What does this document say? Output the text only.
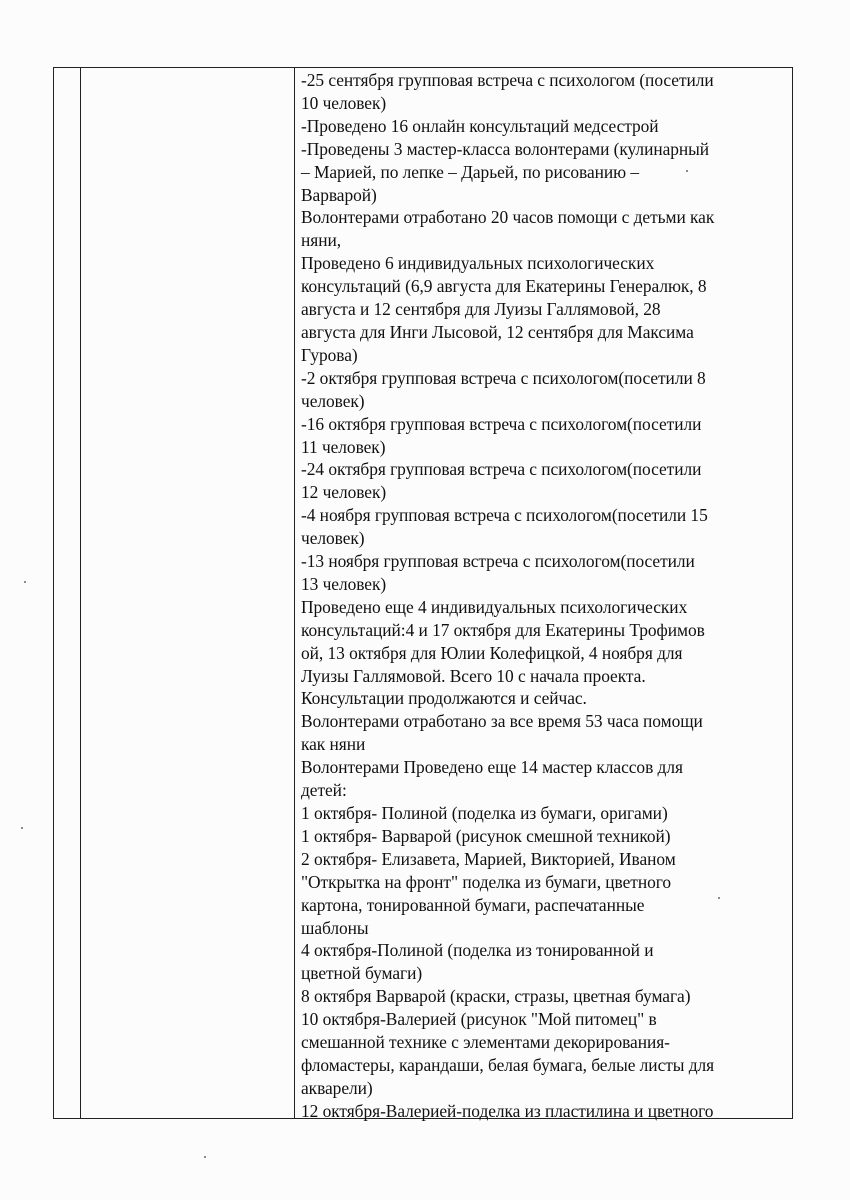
-25 сентября групповая встреча с психологом (посетили
10 человек)
-Проведено 16 онлайн консультаций медсестрой
-Проведены 3 мастер-класса волонтерами (кулинарный
– Марией, по лепке – Дарьей, по рисованию –
Варварой)
Волонтерами отработано 20 часов помощи с детьми как
няни,
Проведено 6 индивидуальных психологических
консультаций (6,9 августа для Екатерины Генералюк, 8
августа и 12 сентября для Луизы Галлямовой, 28
августа для Инги Лысовой, 12 сентября для Максима
Гурова)
-2 октября групповая встреча с психологом(посетили 8
человек)
-16 октября групповая встреча с психологом(посетили
11 человек)
-24 октября групповая встреча с психологом(посетили
12 человек)
-4 ноября групповая встреча с психологом(посетили 15
человек)
-13 ноября групповая встреча с психологом(посетили
13 человек)
Проведено еще 4 индивидуальных психологических
консультаций:4 и 17 октября для Екатерины Трофимов
ой, 13 октября для Юлии Колефицкой, 4 ноября для
Луизы Галлямовой. Всего 10 с начала проекта.
Консультации продолжаются и сейчас.
Волонтерами отработано за все время 53 часа помощи
как няни
Волонтерами Проведено еще 14 мастер классов для
детей:
1 октября- Полиной (поделка из бумаги, оригами)
1 октября- Варварой (рисунок смешной техникой)
2 октября- Елизавета, Марией, Викторией, Иваном
"Открытка на фронт" поделка из бумаги, цветного
картона, тонированной бумаги, распечатанные
шаблоны
4 октября-Полиной (поделка из тонированной и
цветной бумаги)
8 октября Варварой (краски, стразы, цветная бумага)
10 октября-Валерией (рисунок "Мой питомец" в
смешанной технике с элементами декорирования-
фломастеры, карандаши, белая бумага, белые листы для
акварели)
12 октября-Валерией-поделка из пластилина и цветного
